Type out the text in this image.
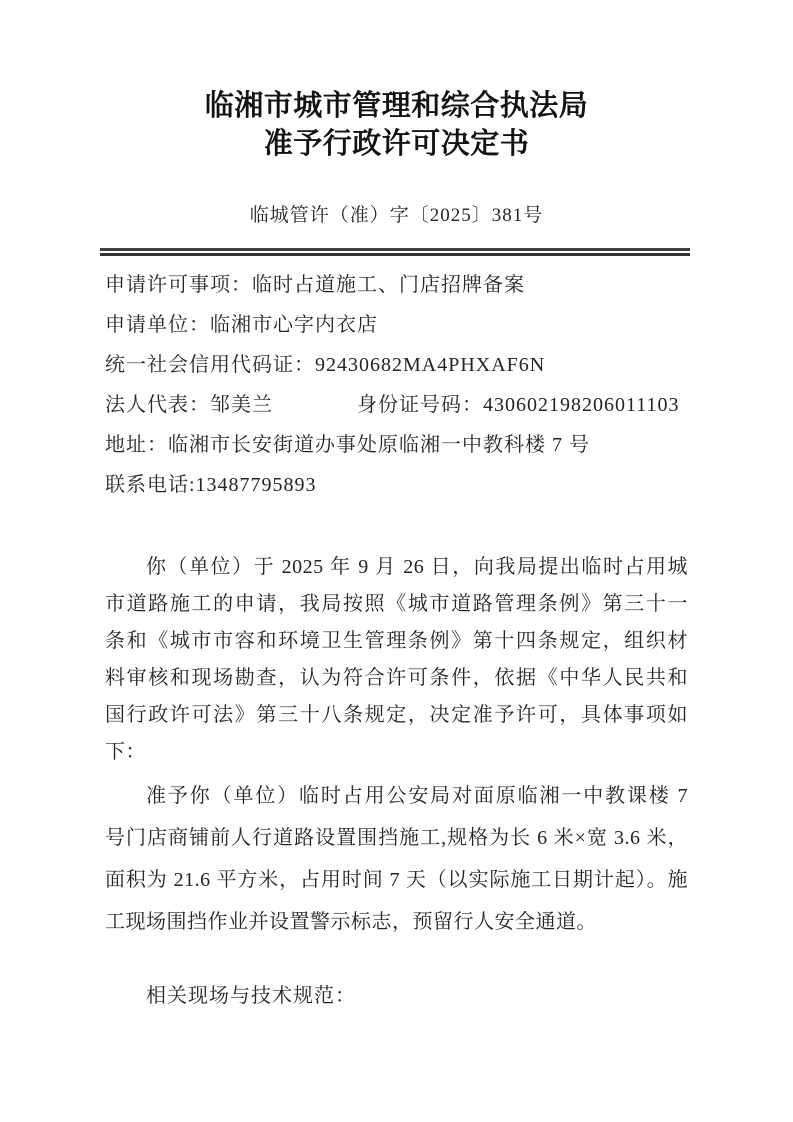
临湘市城市管理和综合执法局
准予行政许可决定书
临城管许（准）字〔2025〕381号
申请许可事项：临时占道施工、门店招牌备案
申请单位：临湘市心字内衣店
统一社会信用代码证：92430682MA4PHXAF6N
法人代表：邹美兰　　　　身份证号码：430602198206011103
地址：临湘市长安街道办事处原临湘一中教科楼 7 号
联系电话:13487795893
你（单位）于 2025 年 9 月 26 日，向我局提出临时占用城
市道路施工的申请，我局按照《城市道路管理条例》第三十一
条和《城市市容和环境卫生管理条例》第十四条规定，组织材
料审核和现场勘查，认为符合许可条件，依据《中华人民共和
国行政许可法》第三十八条规定，决定准予许可，具体事项如
下：
准予你（单位）临时占用公安局对面原临湘一中教课楼 7
号门店商铺前人行道路设置围挡施工,规格为长 6 米×宽 3.6 米，
面积为 21.6 平方米，占用时间 7 天（以实际施工日期计起）。施
工现场围挡作业并设置警示标志，预留行人安全通道。
相关现场与技术规范：
